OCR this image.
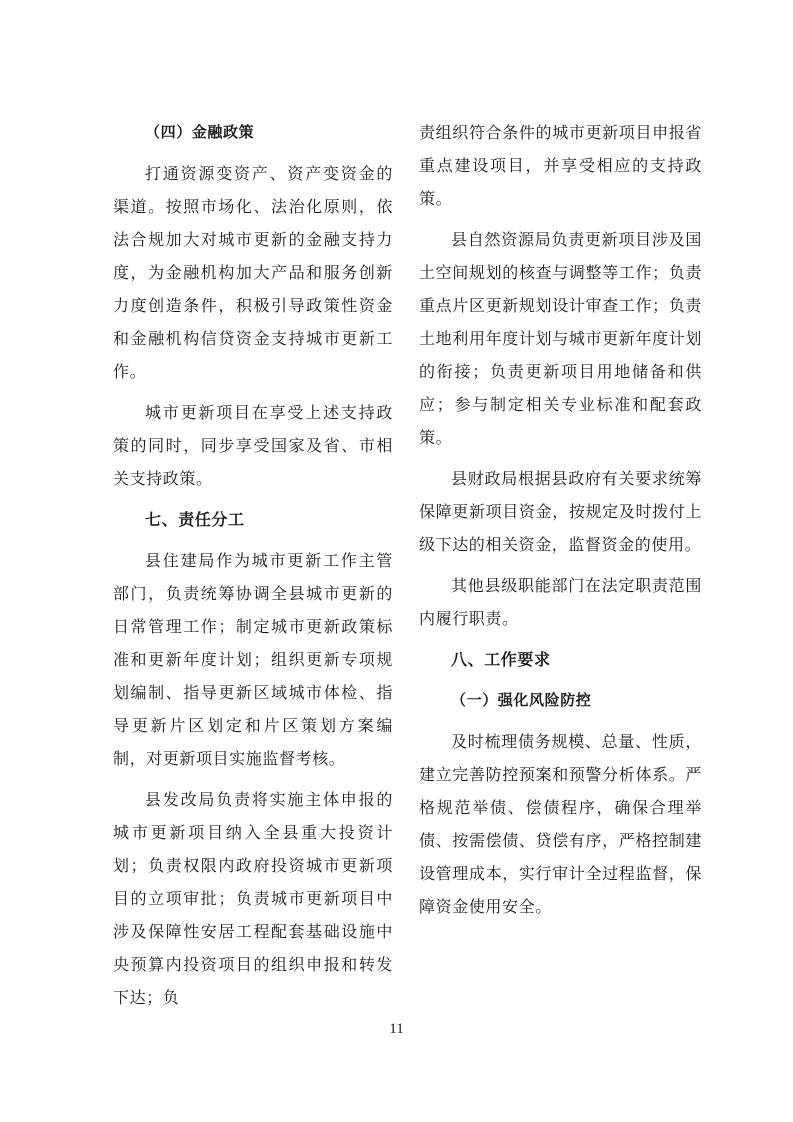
（四）金融政策

打通资源变资产、资产变资金的渠道。按照市场化、法治化原则，依法合规加大对城市更新的金融支持力度，为金融机构加大产品和服务创新力度创造条件，积极引导政策性资金和金融机构信贷资金支持城市更新工作。

城市更新项目在享受上述支持政策的同时，同步享受国家及省、市相关支持政策。

七、责任分工

县住建局作为城市更新工作主管部门，负责统筹协调全县城市更新的日常管理工作；制定城市更新政策标准和更新年度计划；组织更新专项规划编制、指导更新区域城市体检、指导更新片区划定和片区策划方案编制，对更新项目实施监督考核。

县发改局负责将实施主体申报的城市更新项目纳入全县重大投资计划；负责权限内政府投资城市更新项目的立项审批；负责城市更新项目中涉及保障性安居工程配套基础设施中央预算内投资项目的组织申报和转发下达；负

责组织符合条件的城市更新项目申报省重点建设项目，并享受相应的支持政策。

县自然资源局负责更新项目涉及国土空间规划的核查与调整等工作；负责重点片区更新规划设计审查工作；负责土地利用年度计划与城市更新年度计划的衔接；负责更新项目用地储备和供应；参与制定相关专业标准和配套政策。

县财政局根据县政府有关要求统筹保障更新项目资金，按规定及时拨付上级下达的相关资金，监督资金的使用。

其他县级职能部门在法定职责范围内履行职责。

八、工作要求

（一）强化风险防控

及时梳理债务规模、总量、性质，建立完善防控预案和预警分析体系。严格规范举债、偿债程序，确保合理举债、按需偿债、贷偿有序，严格控制建设管理成本，实行审计全过程监督，保障资金使用安全。

11
